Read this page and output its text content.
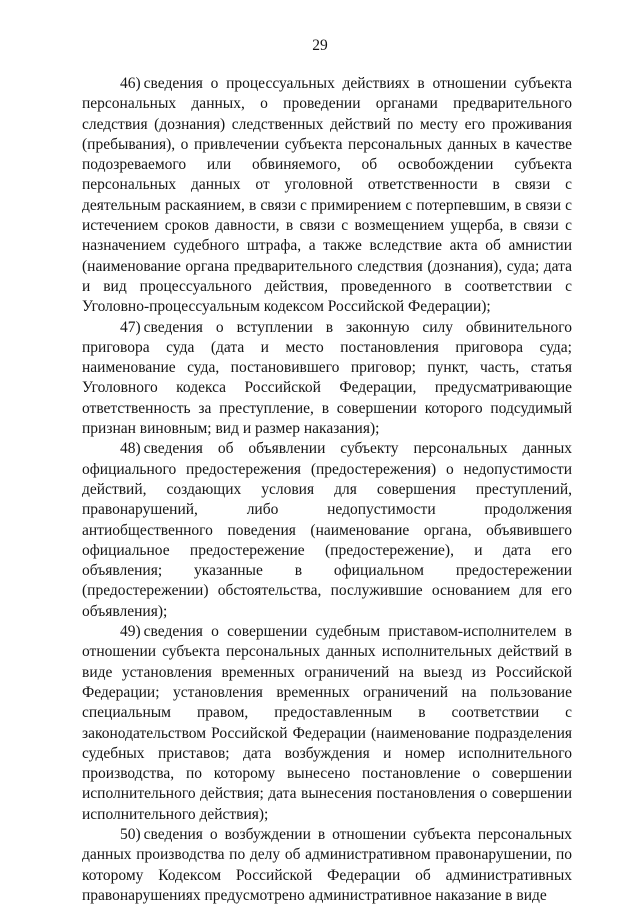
29

46) сведения о процессуальных действиях в отношении субъекта персональных данных, о проведении органами предварительного следствия (дознания) следственных действий по месту его проживания (пребывания), о привлечении субъекта персональных данных в качестве подозреваемого или обвиняемого, об освобождении субъекта персональных данных от уголовной ответственности в связи с деятельным раскаянием, в связи с примирением с потерпевшим, в связи с истечением сроков давности, в связи с возмещением ущерба, в связи с назначением судебного штрафа, а также вследствие акта об амнистии (наименование органа предварительного следствия (дознания), суда; дата и вид процессуального действия, проведенного в соответствии с Уголовно-процессуальным кодексом Российской Федерации);

47) сведения о вступлении в законную силу обвинительного приговора суда (дата и место постановления приговора суда; наименование суда, постановившего приговор; пункт, часть, статья Уголовного кодекса Российской Федерации, предусматривающие ответственность за преступление, в совершении которого подсудимый признан виновным; вид и размер наказания);

48) сведения об объявлении субъекту персональных данных официального предостережения (предостережения) о недопустимости действий, создающих условия для совершения преступлений, правонарушений, либо недопустимости продолжения антиобщественного поведения (наименование органа, объявившего официальное предостережение (предостережение), и дата его объявления; указанные в официальном предостережении (предостережении) обстоятельства, послужившие основанием для его объявления);

49) сведения о совершении судебным приставом-исполнителем в отношении субъекта персональных данных исполнительных действий в виде установления временных ограничений на выезд из Российской Федерации; установления временных ограничений на пользование специальным правом, предоставленным в соответствии с законодательством Российской Федерации (наименование подразделения судебных приставов; дата возбуждения и номер исполнительного производства, по которому вынесено постановление о совершении исполнительного действия; дата вынесения постановления о совершении исполнительного действия);

50) сведения о возбуждении в отношении субъекта персональных данных производства по делу об административном правонарушении, по которому Кодексом Российской Федерации об административных правонарушениях предусмотрено административное наказание в виде
